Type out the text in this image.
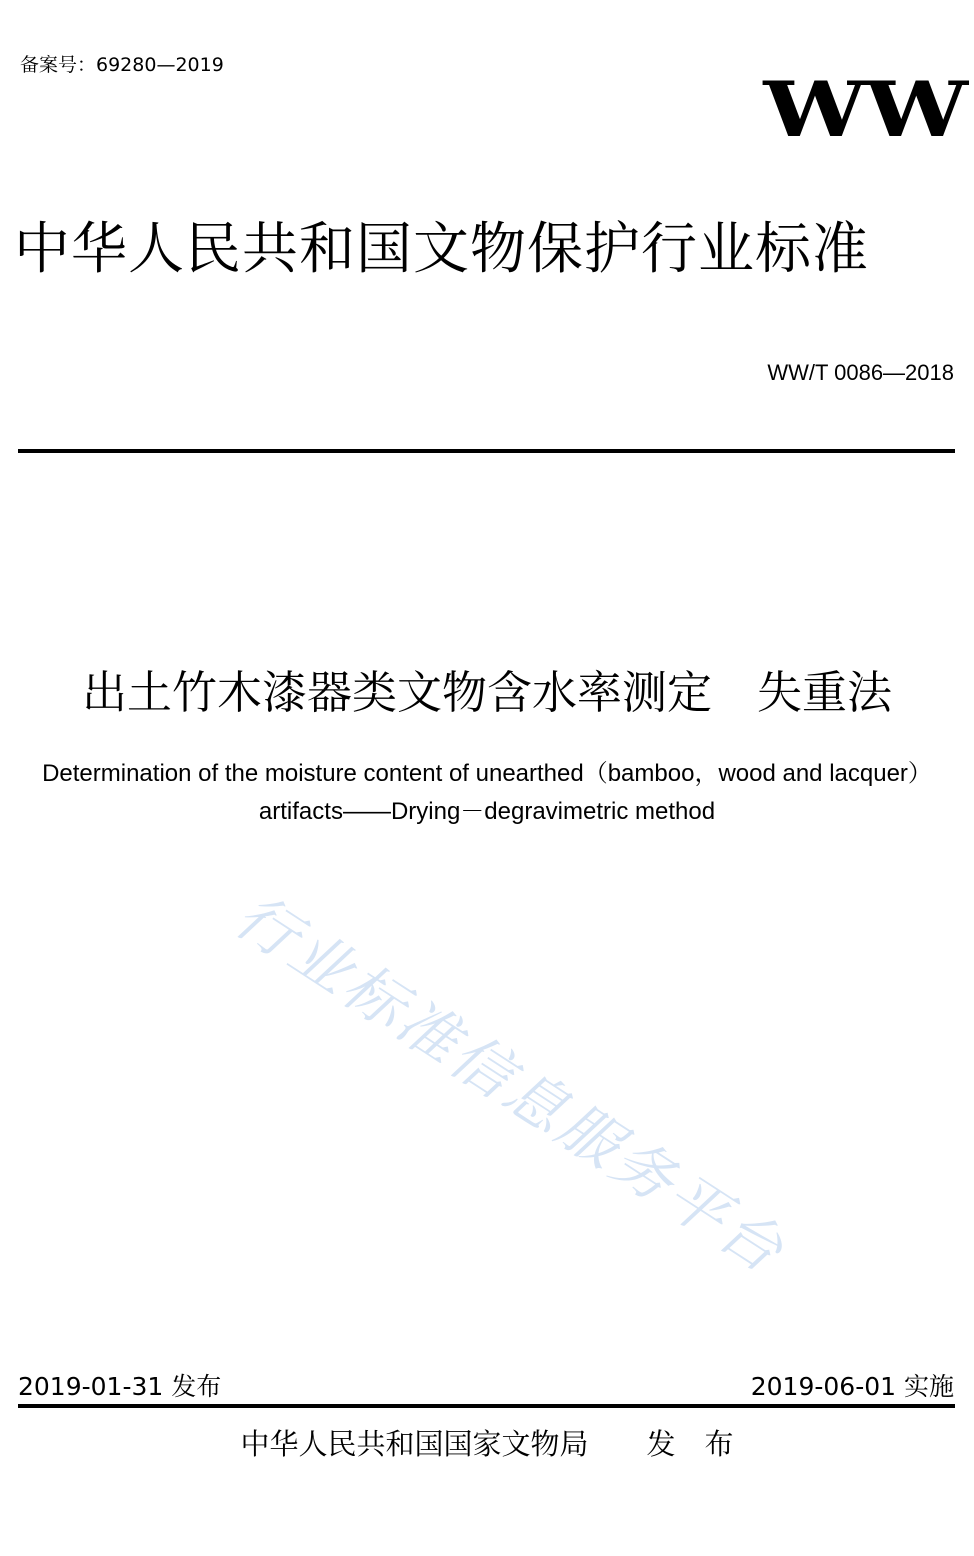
备案号：69280—2019
WW
中华人民共和国文物保护行业标准
WW/T 0086—2018
行业标准信息服务平台
出土竹木漆器类文物含水率测定　失重法
Determination of the moisture content of unearthed（bamboo，wood and lacquer）artifacts——Drying－degravimetric method
2019-01-31 发布	2019-06-01 实施
中华人民共和国国家文物局　　发　布
